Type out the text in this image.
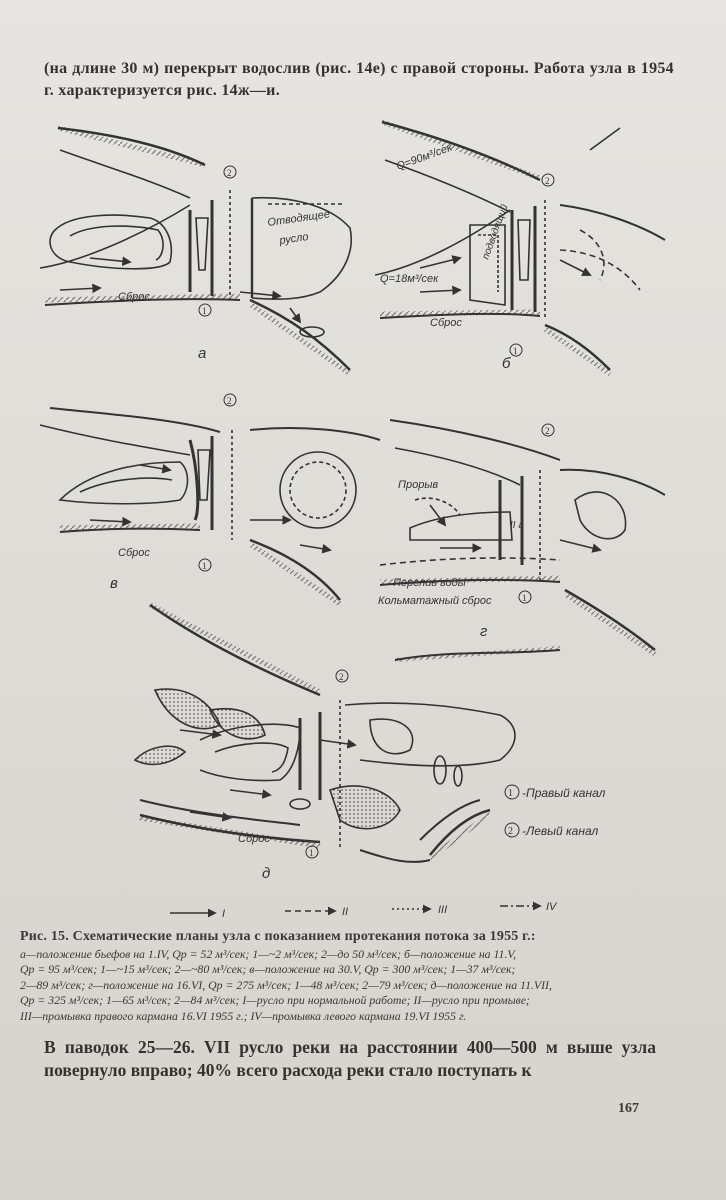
(на длине 30 м) перекрыт водослив (рис. 14е) с правой стороны. Работа узла в 1954 г. характеризуется рис. 14ж—и.
Отводящее
русло
Сброс
а
2
1
Q=90м³/сек
Q=18м³/сек
подводящий
Сброс
б
2
1
Сброс
в
2
1
Прорыв
II а
Перелив воды
Кольматажный сброс
г
2
1
Сброс
д
2
1
1 -Правый канал
2 -Левый канал
I	II	III	IV
Рис. 15. Схематические планы узла с показанием протекания потока за 1955 г.:
а—положение бьефов на 1.IV, Qр = 52 м³/сек; 1—~2 м³/сек; 2—до 50 м³/сек; б—положение на 11.V,
Qр = 95 м³/сек; 1—~15 м³/сек; 2—~80 м³/сек; в—положение на 30.V, Qр = 300 м³/сек; 1—37 м³/сек;
2—89 м³/сек; г—положение на 16.VI, Qр = 275 м³/сек; 1—48 м³/сек; 2—79 м³/сек; д—положение на 11.VII,
Qр = 325 м³/сек; 1—65 м³/сек; 2—84 м³/сек; I—русло при нормальной работе; II—русло при промыве;
III—промывка правого кармана 16.VI 1955 г.; IV—промывка левого кармана 19.VI 1955 г.
В паводок 25—26. VII русло реки на расстоянии 400—500 м выше узла повернуло вправо; 40% всего расхода реки стало поступать к
167
